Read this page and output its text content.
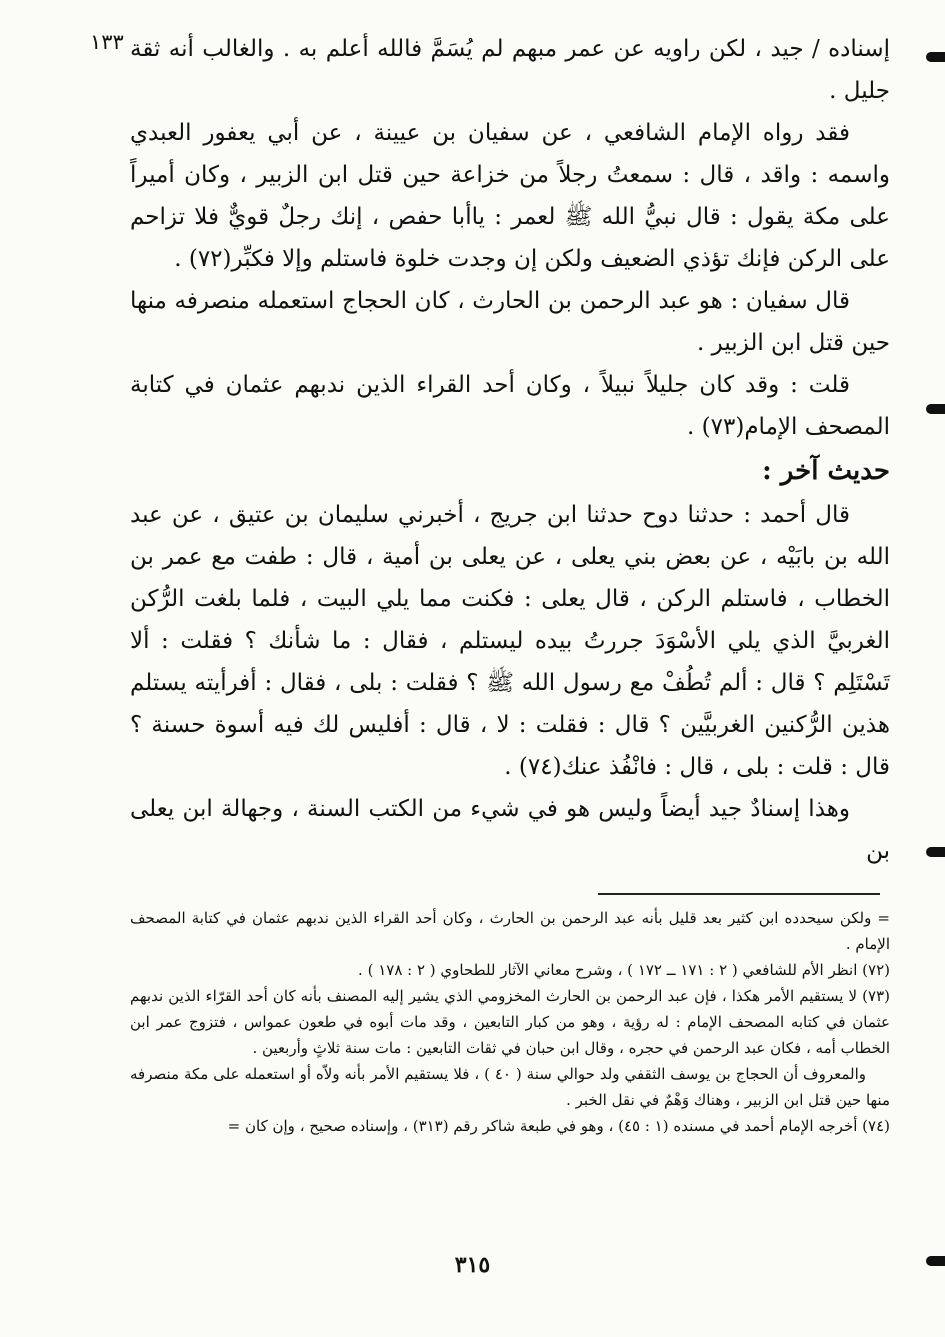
١٣٣ إسناده / جيد ، لكن راويه عن عمر مبهم لم يُسَمَّ فالله أعلم به . والغالب أنه ثقة جليل .

فقد رواه الإمام الشافعي ، عن سفيان بن عيينة ، عن أبي يعفور العبدي واسمه : واقد ، قال : سمعتُ رجلاً من خزاعة حين قتل ابن الزبير ، وكان أميراً على مكة يقول : قال نبيُّ الله ﷺ لعمر : ياأبا حفص ، إنك رجلٌ قويٌّ فلا تزاحم على الركن فإنك تؤذي الضعيف ولكن إن وجدت خلوة فاستلم وإلا فكبِّر(٧٢) .

قال سفيان : هو عبد الرحمن بن الحارث ، كان الحجاج استعمله منصرفه منها حين قتل ابن الزبير .

قلت : وقد كان جليلاً نبيلاً ، وكان أحد القراء الذين ندبهم عثمان في كتابة المصحف الإمام(٧٣) .

حديث آخر :

قال أحمد : حدثنا دوح حدثنا ابن جريج ، أخبرني سليمان بن عتيق ، عن عبد الله بن بابَيْه ، عن بعض بني يعلى ، عن يعلى بن أمية ، قال : طفت مع عمر بن الخطاب ، فاستلم الركن ، قال يعلى : فكنت مما يلي البيت ، فلما بلغت الرُّكن الغربيَّ الذي يلي الأسْوَدَ جررتُ بيده ليستلم ، فقال : ما شأنك ؟ فقلت : ألا تَسْتَلِم ؟ قال : ألم تُطُفْ مع رسول الله ﷺ ؟ فقلت : بلى ، فقال : أفرأيته يستلم هذين الرُّكنين الغربيَّين ؟ قال : فقلت : لا ، قال : أفليس لك فيه أسوة حسنة ؟ قال : قلت : بلى ، قال : فانْفُذ عنك(٧٤) .

وهذا إسنادٌ جيد أيضاً وليس هو في شيء من الكتب السنة ، وجهالة ابن يعلى بن

= ولكن سيحدده ابن كثير بعد قليل بأنه عبد الرحمن بن الحارث ، وكان أحد القراء الذين ندبهم عثمان في كتابة المصحف الإمام .

(٧٢) انظر الأم للشافعي ( ٢ : ١٧١ ــ ١٧٢ ) ، وشرح معاني الآثار للطحاوي ( ٢ : ١٧٨ ) .

(٧٣) لا يستقيم الأمر هكذا ، فإن عبد الرحمن بن الحارث المخزومي الذي يشير إليه المصنف بأنه كان أحد القرّاء الذين ندبهم عثمان في كتابه المصحف الإمام : له رؤية ، وهو من كبار التابعين ، وقد مات أبوه في طعون عمواس ، فتزوج عمر ابن الخطاب أمه ، فكان عبد الرحمن في حجره ، وقال ابن حبان في ثقات التابعين : مات سنة ثلاثٍ وأربعين .

والمعروف أن الحجاج بن يوسف الثقفي ولد حوالي سنة ( ٤٠ ) ، فلا يستقيم الأمر بأنه ولاّه أو استعمله على مكة منصرفه منها حين قتل ابن الزبير ، وهناك وَهْمٌ في نقل الخبر .

(٧٤) أخرجه الإمام أحمد في مسنده (١ : ٤٥) ، وهو في طبعة شاكر رقم (٣١٣) ، وإسناده صحيح ، وإن كان =

٣١٥
